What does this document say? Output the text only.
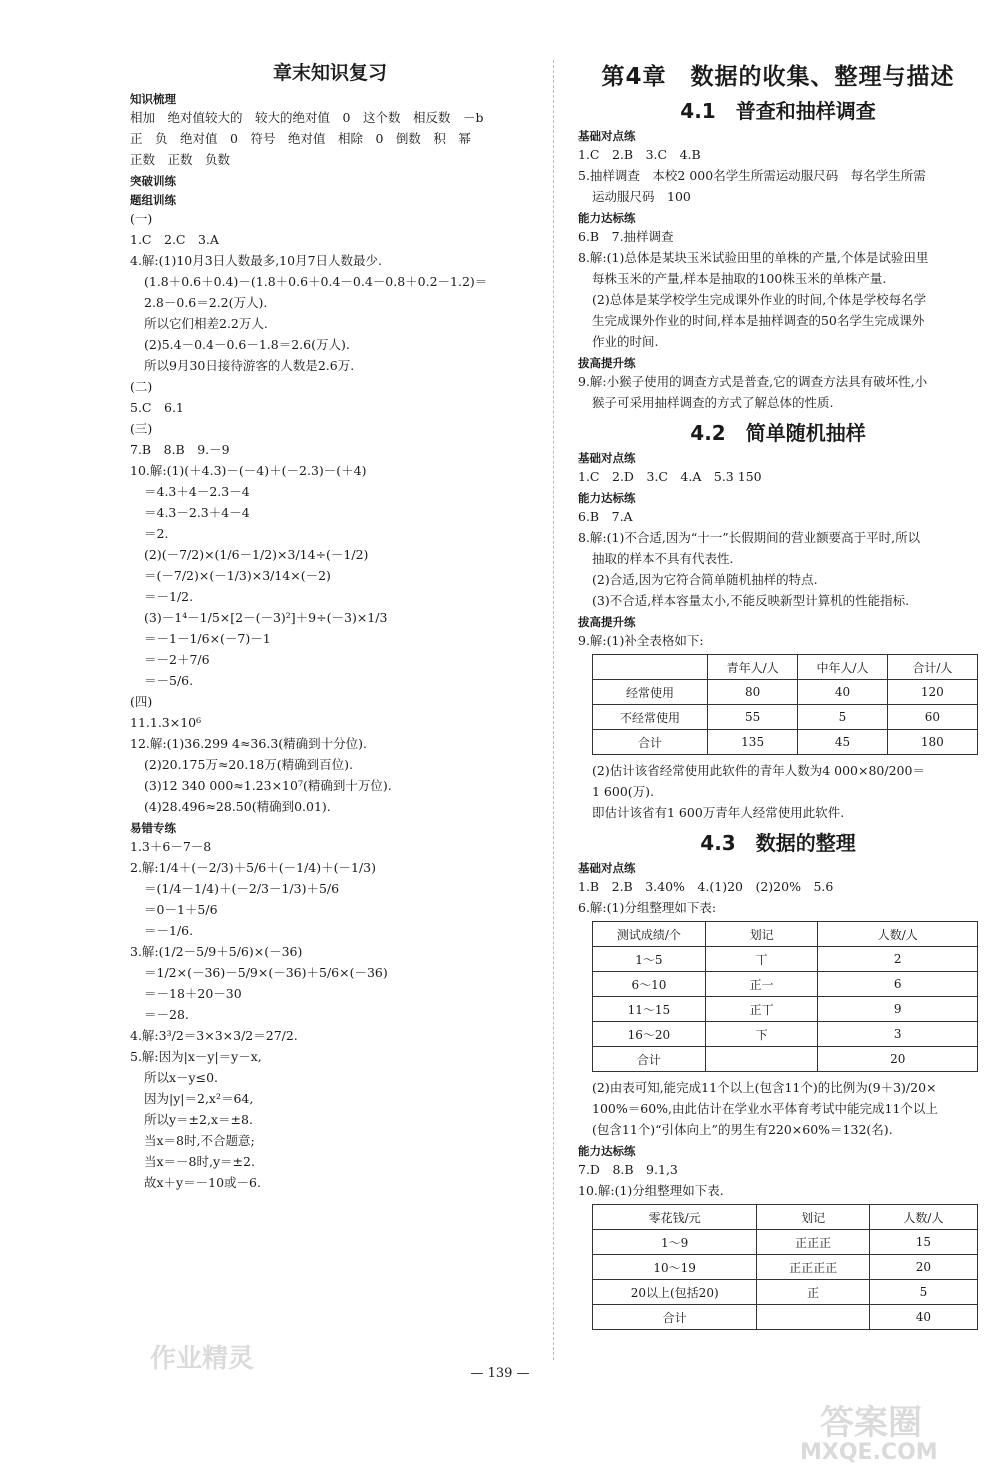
章末知识复习
知识梳理
相加　绝对值较大的　较大的绝对值　0　这个数　相反数　－b
正　负　绝对值　0　符号　绝对值　相除　0　倒数　积　幂
正数　正数　负数
突破训练
题组训练
(一)
1.C　2.C　3.A
4.解:(1)10月3日人数最多,10月7日人数最少.
(1.8＋0.6＋0.4)－(1.8＋0.6＋0.4－0.4－0.8＋0.2－1.2)＝
2.8－0.6＝2.2(万人).
所以它们相差2.2万人.
(2)5.4－0.4－0.6－1.8＝2.6(万人).
所以9月30日接待游客的人数是2.6万.
(二)
5.C　6.1
(三)
7.B　8.B　9.－9
10.解:(1)(＋4.3)－(－4)＋(－2.3)－(＋4)
＝4.3＋4－2.3－4
＝4.3－2.3＋4－4
＝2.
(2)(－7/2)×(1/6－1/2)×3/14÷(－1/2)
＝(－7/2)×(－1/3)×3/14×(－2)
＝－1/2.
(3)－1⁴－1/5×[2－(－3)²]＋9÷(－3)×1/3
＝－1－1/6×(－7)－1
＝－2＋7/6
＝－5/6.
(四)
11.1.3×10⁶
12.解:(1)36.299 4≈36.3(精确到十分位).
(2)20.175万≈20.18万(精确到百位).
(3)12 340 000≈1.23×10⁷(精确到十万位).
(4)28.496≈28.50(精确到0.01).
易错专练
1.3＋6－7－8
2.解:1/4＋(－2/3)＋5/6＋(－1/4)＋(－1/3)
＝(1/4－1/4)＋(－2/3－1/3)＋5/6
＝0－1＋5/6
＝－1/6.
3.解:(1/2－5/9＋5/6)×(－36)
＝1/2×(－36)－5/9×(－36)＋5/6×(－36)
＝－18＋20－30
＝－28.
4.解:3³/2＝3×3×3/2＝27/2.
5.解:因为|x－y|＝y－x,
所以x－y≤0.
因为|y|＝2,x²＝64,
所以y＝±2,x＝±8.
当x＝8时,不合题意;
当x＝－8时,y＝±2.
故x＋y＝－10或－6.
第4章　数据的收集、整理与描述
4.1　普查和抽样调查
基础对点练
1.C　2.B　3.C　4.B
5.抽样调查　本校2 000名学生所需运动服尺码　每名学生所需
运动服尺码　100
能力达标练
6.B　7.抽样调查
8.解:(1)总体是某块玉米试验田里的单株的产量,个体是试验田里
每株玉米的产量,样本是抽取的100株玉米的单株产量.
(2)总体是某学校学生完成课外作业的时间,个体是学校每名学
生完成课外作业的时间,样本是抽样调查的50名学生完成课外
作业的时间.
拔高提升练
9.解:小猴子使用的调查方式是普查,它的调查方法具有破坏性,小
猴子可采用抽样调查的方式了解总体的性质.
4.2　简单随机抽样
基础对点练
1.C　2.D　3.C　4.A　5.3 150
能力达标练
6.B　7.A
8.解:(1)不合适,因为“十一”长假期间的营业额要高于平时,所以
抽取的样本不具有代表性.
(2)合适,因为它符合简单随机抽样的特点.
(3)不合适,样本容量太小,不能反映新型计算机的性能指标.
拔高提升练
9.解:(1)补全表格如下:
	青年人/人	中年人/人	合计/人
经常使用	80	40	120
不经常使用	55	5	60
合计	135	45	180
(2)估计该省经常使用此软件的青年人数为4 000×80/200＝
1 600(万).
即估计该省有1 600万青年人经常使用此软件.
4.3　数据的整理
基础对点练
1.B　2.B　3.40%　4.(1)20　(2)20%　5.6
6.解:(1)分组整理如下表:
测试成绩/个	划记	人数/人
1～5	丅	2
6～10	正一	6
11～15	正丅	9
16～20	下	3
合计		20
(2)由表可知,能完成11个以上(包含11个)的比例为(9＋3)/20×
100%＝60%,由此估计在学业水平体育考试中能完成11个以上
(包含11个)“引体向上”的男生有220×60%＝132(名).
能力达标练
7.D　8.B　9.1,3
10.解:(1)分组整理如下表.
零花钱/元	划记	人数/人
1～9	正正正	15
10～19	正正正正	20
20以上(包括20)	正	5
合计		40
— 139 —
作业精灵
答案圈
MXQE.COM
